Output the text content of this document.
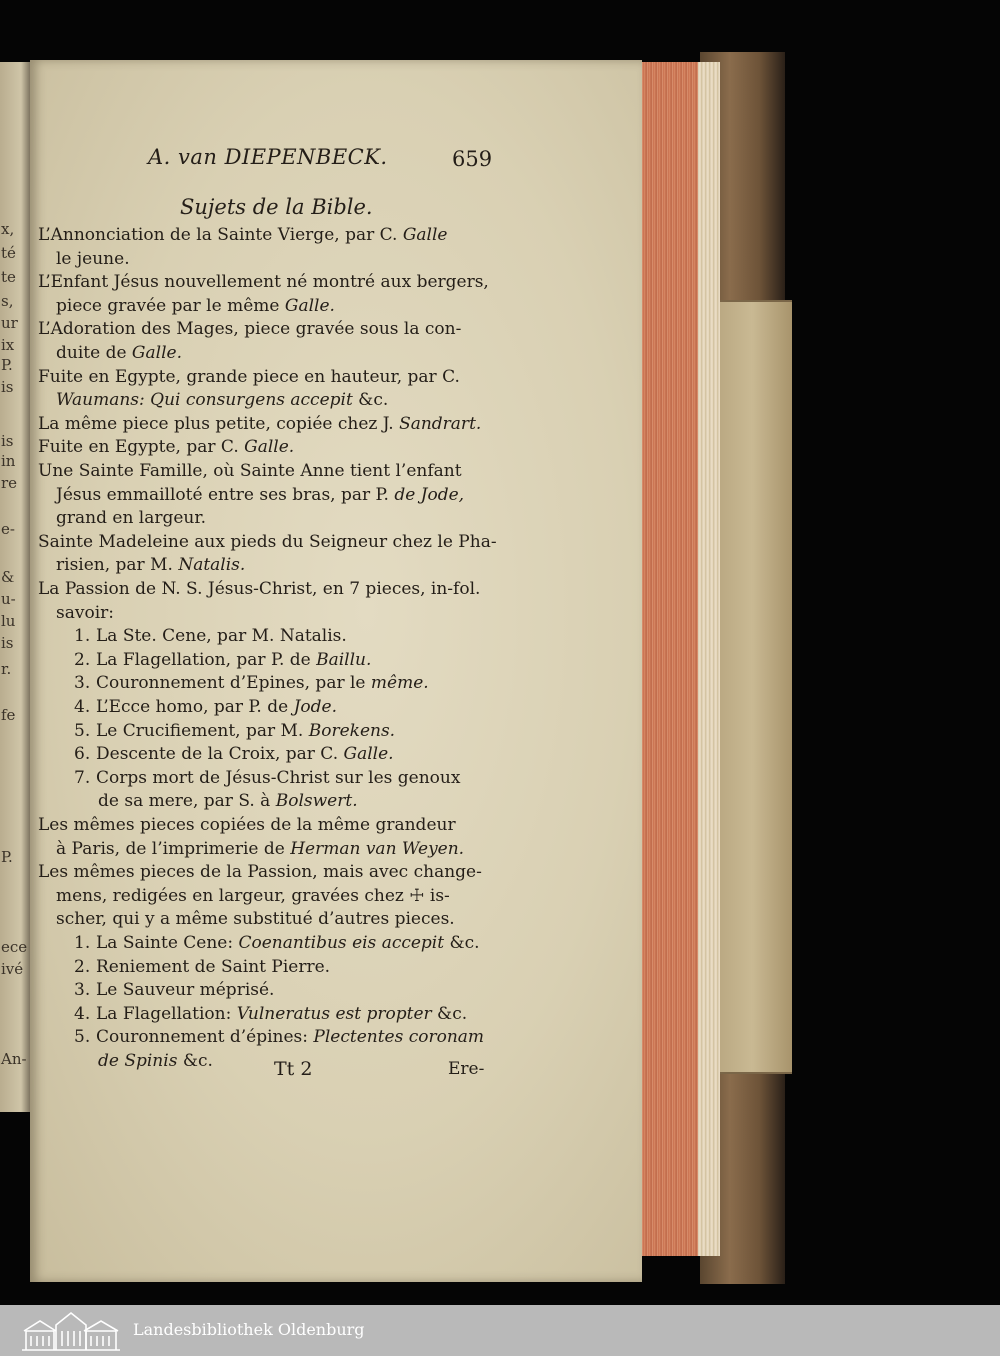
x,
té
te
s,
ur
ix
P.
is
is
in
re
e-
&
u-
lu
is
r.
fe
P.
ece
ivé
An-
A. van DIEPENBECK.	659
Sujets de la Bible.
Tt 2	Ere-
L’Annonciation de la Sainte Vierge, par C. Galle
le jeune.
L’Enfant Jésus nouvellement né montré aux bergers,
piece gravée par le même Galle.
L’Adoration des Mages, piece gravée sous la con-
duite de Galle.
Fuite en Egypte, grande piece en hauteur, par C.
Waumans: Qui consurgens accepit &c.
La même piece plus petite, copiée chez J. Sandrart.
Fuite en Egypte, par C. Galle.
Une Sainte Famille, où Sainte Anne tient l’enfant
Jésus emmailloté entre ses bras, par P. de Jode,
grand en largeur.
Sainte Madeleine aux pieds du Seigneur chez le Pha-
risien, par M. Natalis.
La Passion de N. S. Jésus-Christ, en 7 pieces, in-fol.
savoir:
1. La Ste. Cene, par M. Natalis.
2. La Flagellation, par P. de Baillu.
3. Couronnement d’Epines, par le même.
4. L’Ecce homo, par P. de Jode.
5. Le Crucifiement, par M. Borekens.
6. Descente de la Croix, par C. Galle.
7. Corps mort de Jésus-Christ sur les genoux
de sa mere, par S. à Bolswert.
Les mêmes pieces copiées de la même grandeur
à Paris, de l’imprimerie de Herman van Weyen.
Les mêmes pieces de la Passion, mais avec change-
mens, redigées en largeur, gravées chez ☩ is-
scher, qui y a même substitué d’autres pieces.
1. La Sainte Cene: Coenantibus eis accepit &c.
2. Reniement de Saint Pierre.
3. Le Sauveur méprisé.
4. La Flagellation: Vulneratus est propter &c.
5. Couronnement d’épines: Plectentes coronam
de Spinis &c.
Landesbibliothek Oldenburg
